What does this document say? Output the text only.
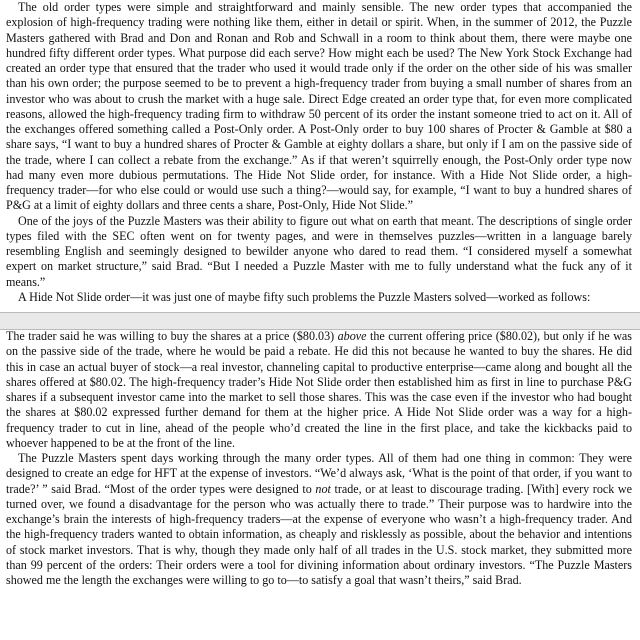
The old order types were simple and straightforward and mainly sensible. The new order types that accompanied the explosion of high-frequency trading were nothing like them, either in detail or spirit. When, in the summer of 2012, the Puzzle Masters gathered with Brad and Don and Ronan and Rob and Schwall in a room to think about them, there were maybe one hundred fifty different order types. What purpose did each serve? How might each be used? The New York Stock Exchange had created an order type that ensured that the trader who used it would trade only if the order on the other side of his was smaller than his own order; the purpose seemed to be to prevent a high-frequency trader from buying a small number of shares from an investor who was about to crush the market with a huge sale. Direct Edge created an order type that, for even more complicated reasons, allowed the high-frequency trading firm to withdraw 50 percent of its order the instant someone tried to act on it. All of the exchanges offered something called a Post-Only order. A Post-Only order to buy 100 shares of Procter & Gamble at $80 a share says, “I want to buy a hundred shares of Procter & Gamble at eighty dollars a share, but only if I am on the passive side of the trade, where I can collect a rebate from the exchange.” As if that weren’t squirrelly enough, the Post-Only order type now had many even more dubious permutations. The Hide Not Slide order, for instance. With a Hide Not Slide order, a high-frequency trader—for who else could or would use such a thing?—would say, for example, “I want to buy a hundred shares of P&G at a limit of eighty dollars and three cents a share, Post-Only, Hide Not Slide.”

One of the joys of the Puzzle Masters was their ability to figure out what on earth that meant. The descriptions of single order types filed with the SEC often went on for twenty pages, and were in themselves puzzles—written in a language barely resembling English and seemingly designed to bewilder anyone who dared to read them. “I considered myself a somewhat expert on market structure,” said Brad. “But I needed a Puzzle Master with me to fully understand what the fuck any of it means.”

A Hide Not Slide order—it was just one of maybe fifty such problems the Puzzle Masters solved—worked as follows:

The trader said he was willing to buy the shares at a price ($80.03) above the current offering price ($80.02), but only if he was on the passive side of the trade, where he would be paid a rebate. He did this not because he wanted to buy the shares. He did this in case an actual buyer of stock—a real investor, channeling capital to productive enterprise—came along and bought all the shares offered at $80.02. The high-frequency trader’s Hide Not Slide order then established him as first in line to purchase P&G shares if a subsequent investor came into the market to sell those shares. This was the case even if the investor who had bought the shares at $80.02 expressed further demand for them at the higher price. A Hide Not Slide order was a way for a high-frequency trader to cut in line, ahead of the people who’d created the line in the first place, and take the kickbacks paid to whoever happened to be at the front of the line.

The Puzzle Masters spent days working through the many order types. All of them had one thing in common: They were designed to create an edge for HFT at the expense of investors. “We’d always ask, ‘What is the point of that order, if you want to trade?’ ” said Brad. “Most of the order types were designed to not trade, or at least to discourage trading. [With] every rock we turned over, we found a disadvantage for the person who was actually there to trade.” Their purpose was to hardwire into the exchange’s brain the interests of high-frequency traders—at the expense of everyone who wasn’t a high-frequency trader. And the high-frequency traders wanted to obtain information, as cheaply and risklessly as possible, about the behavior and intentions of stock market investors. That is why, though they made only half of all trades in the U.S. stock market, they submitted more than 99 percent of the orders: Their orders were a tool for divining information about ordinary investors. “The Puzzle Masters showed me the length the exchanges were willing to go to—to satisfy a goal that wasn’t theirs,” said Brad.
